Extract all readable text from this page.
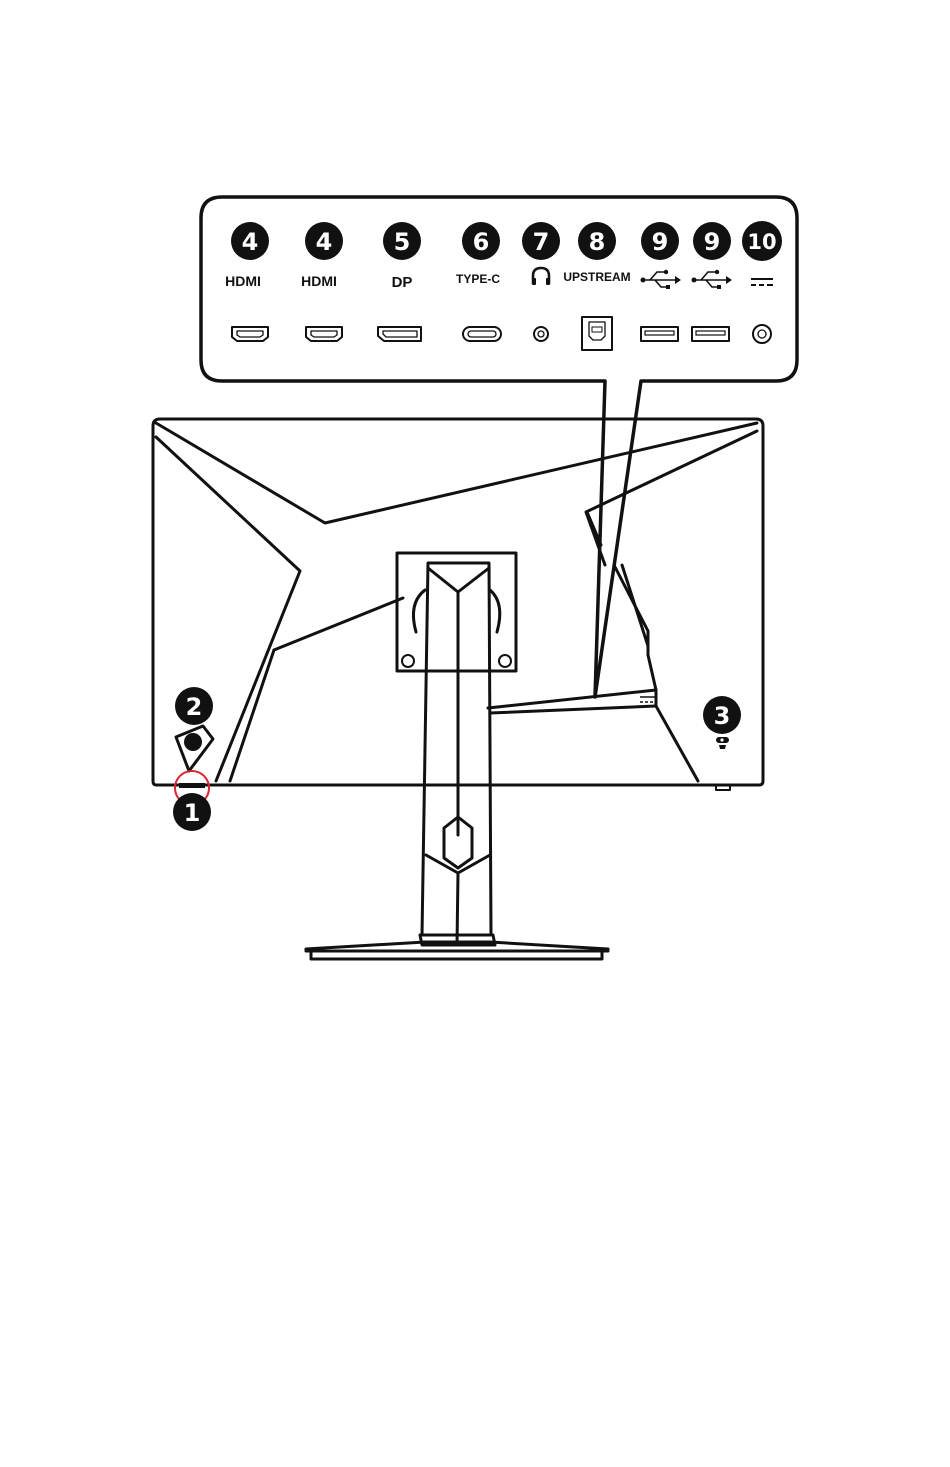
4 4	5	6 7 8 9 9 10
HDMI	HDMI	DP	TYPE-C	UPSTREAM
1
2	3
